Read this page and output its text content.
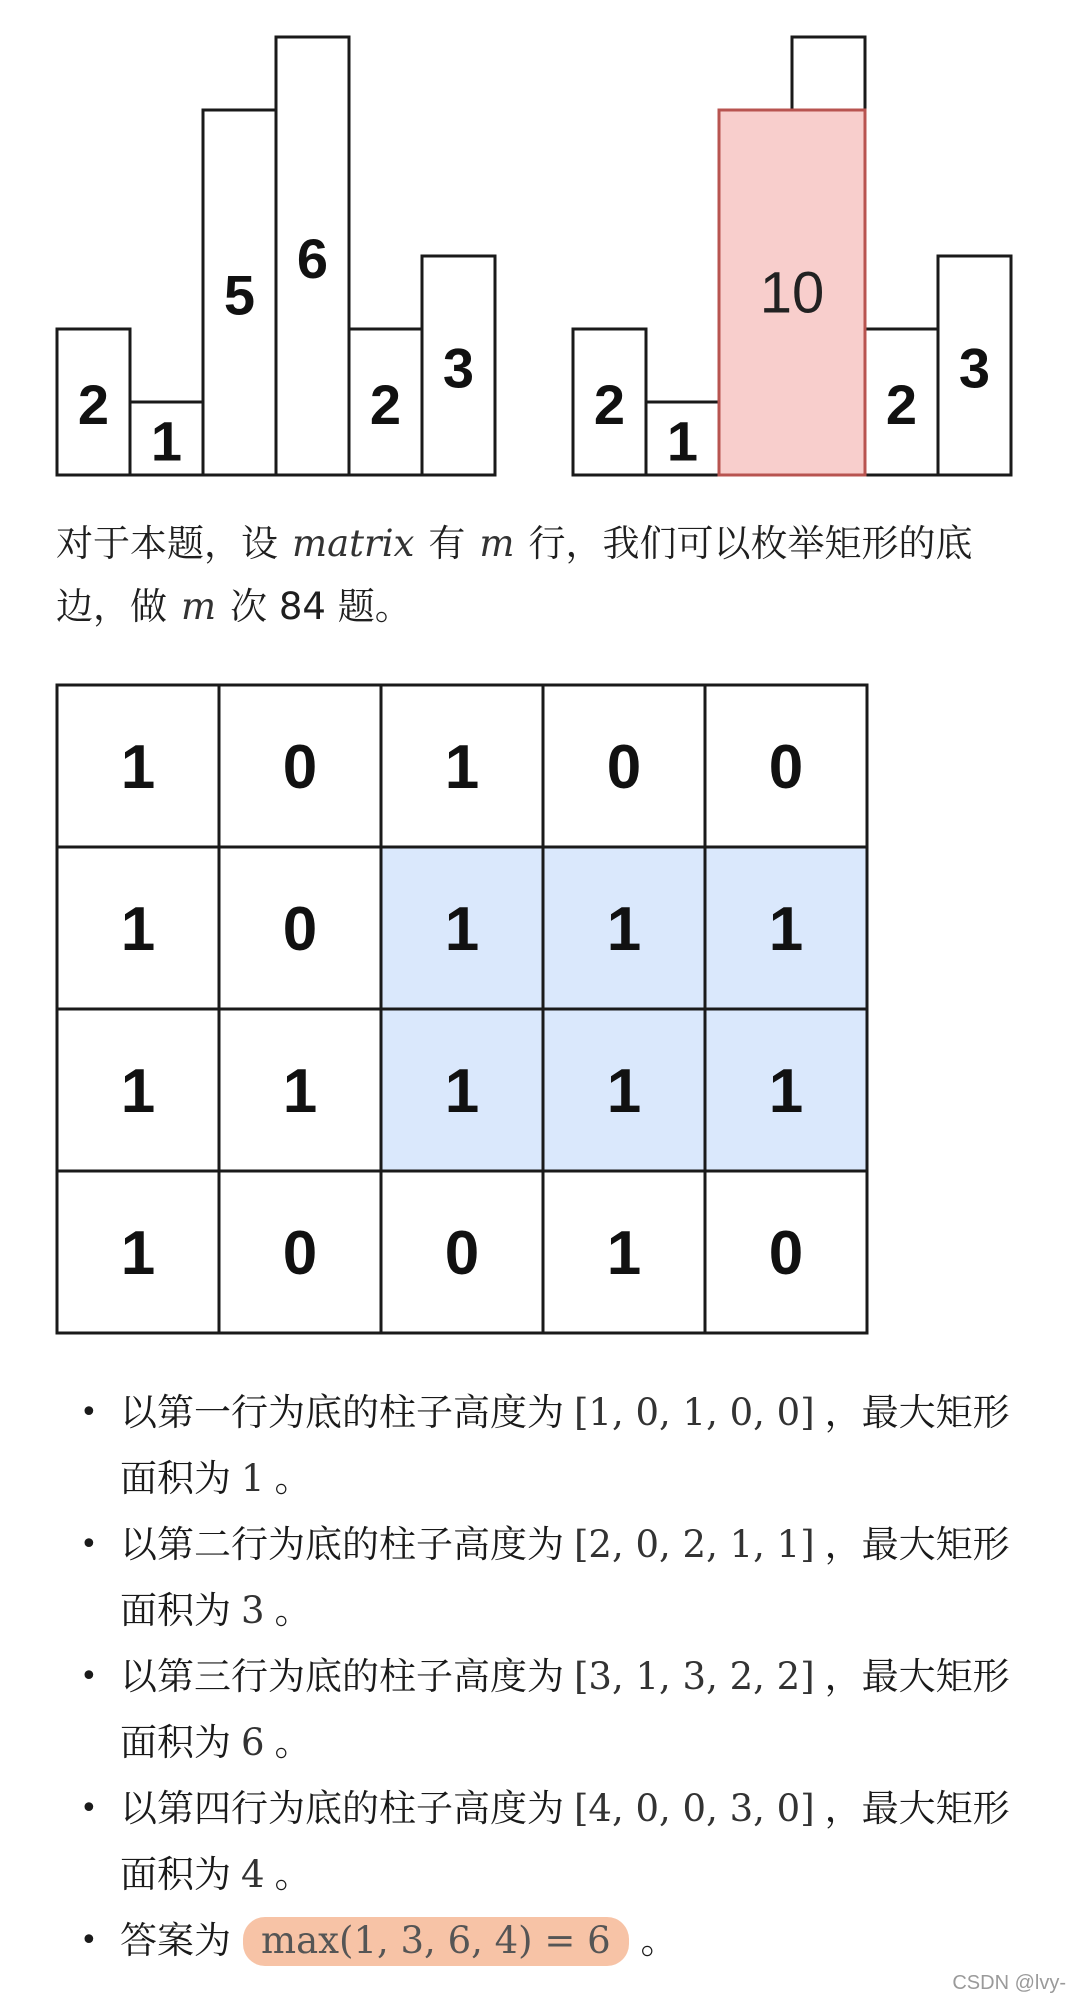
2
1
5
6
2
3
2
1
2
3
10
对于本题，设 matrix 有 m 行，我们可以枚举矩形的底边，做 m 次 84 题。
1 0 1 0 0
1 0 1 1 1
1 1 1 1 1
1 0 0 1 0
• 以第一行为底的柱子高度为 [1, 0, 1, 0, 0] ，最大矩形面积为 1 。
• 以第二行为底的柱子高度为 [2, 0, 2, 1, 1] ，最大矩形面积为 3 。
• 以第三行为底的柱子高度为 [3, 1, 3, 2, 2] ，最大矩形面积为 6 。
• 以第四行为底的柱子高度为 [4, 0, 0, 3, 0] ，最大矩形面积为 4 。
• 答案为 max(1, 3, 6, 4) = 6 。
CSDN @lvy-
